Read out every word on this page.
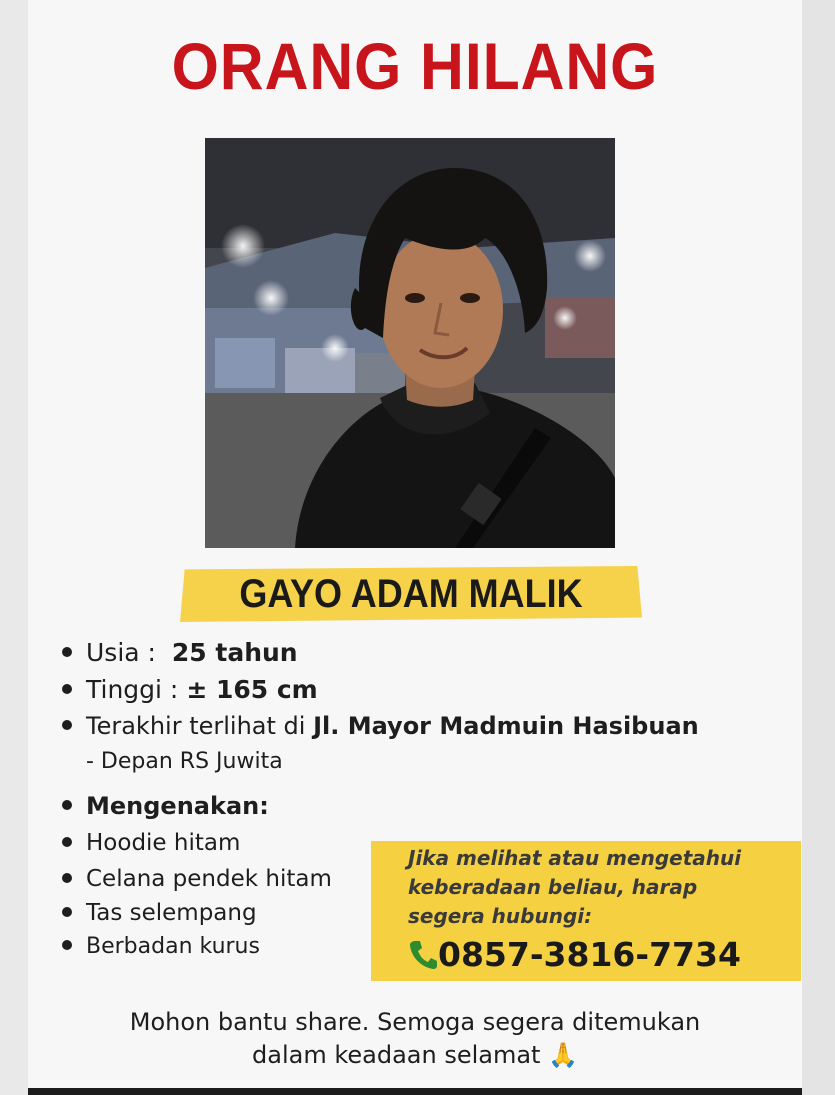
ORANG HILANG
GAYO ADAM MALIK
Usia : 25 tahun
Tinggi : ± 165 cm
Terakhir terlihat di Jl. Mayor Madmuin Hasibuan
- Depan RS Juwita
Mengenakan:
Hoodie hitam
Celana pendek hitam
Tas selempang
Berbadan kurus
Jika melihat atau mengetahui
keberadaan beliau, harap
segera hubungi:
0857-3816-7734
Mohon bantu share. Semoga segera ditemukan
dalam keadaan selamat 🙏
